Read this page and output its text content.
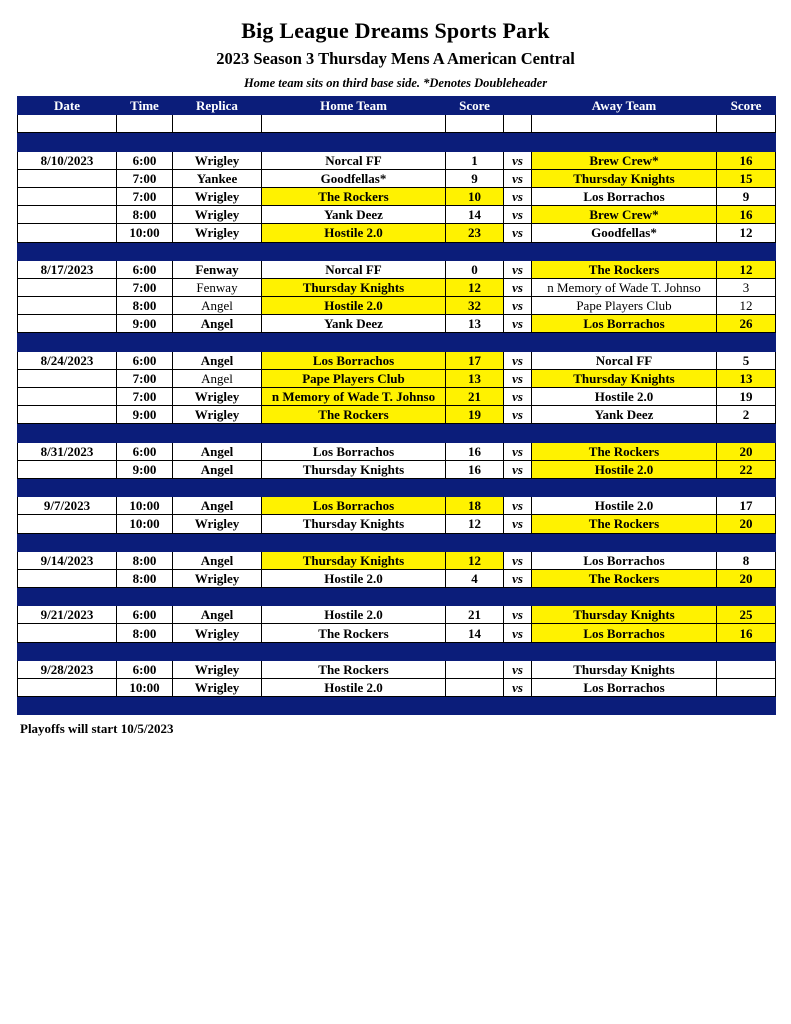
Big League Dreams Sports Park
2023 Season 3 Thursday Mens A American Central
Home team sits on third base side. *Denotes Doubleheader
Date	Time	Replica	Home Team	Score		Away Team	Score

8/10/2023	6:00	Wrigley	Norcal FF	1	vs	Brew Crew*	16
	7:00	Yankee	Goodfellas*	9	vs	Thursday Knights	15
	7:00	Wrigley	The Rockers	10	vs	Los Borrachos	9
	8:00	Wrigley	Yank Deez	14	vs	Brew Crew*	16
	10:00	Wrigley	Hostile 2.0	23	vs	Goodfellas*	12

8/17/2023	6:00	Fenway	Norcal FF	0	vs	The Rockers	12
	7:00	Fenway	Thursday Knights	12	vs	n Memory of Wade T. Johnso	3
	8:00	Angel	Hostile 2.0	32	vs	Pape Players Club	12
	9:00	Angel	Yank Deez	13	vs	Los Borrachos	26

8/24/2023	6:00	Angel	Los Borrachos	17	vs	Norcal FF	5
	7:00	Angel	Pape Players Club	13	vs	Thursday Knights	13
	7:00	Wrigley	n Memory of Wade T. Johnso	21	vs	Hostile 2.0	19
	9:00	Wrigley	The Rockers	19	vs	Yank Deez	2

8/31/2023	6:00	Angel	Los Borrachos	16	vs	The Rockers	20
	9:00	Angel	Thursday Knights	16	vs	Hostile 2.0	22

9/7/2023	10:00	Angel	Los Borrachos	18	vs	Hostile 2.0	17
	10:00	Wrigley	Thursday Knights	12	vs	The Rockers	20

9/14/2023	8:00	Angel	Thursday Knights	12	vs	Los Borrachos	8
	8:00	Wrigley	Hostile 2.0	4	vs	The Rockers	20

9/21/2023	6:00	Angel	Hostile 2.0	21	vs	Thursday Knights	25
	8:00	Wrigley	The Rockers	14	vs	Los Borrachos	16

9/28/2023	6:00	Wrigley	The Rockers		vs	Thursday Knights	
	10:00	Wrigley	Hostile 2.0		vs	Los Borrachos	

Playoffs will start 10/5/2023
